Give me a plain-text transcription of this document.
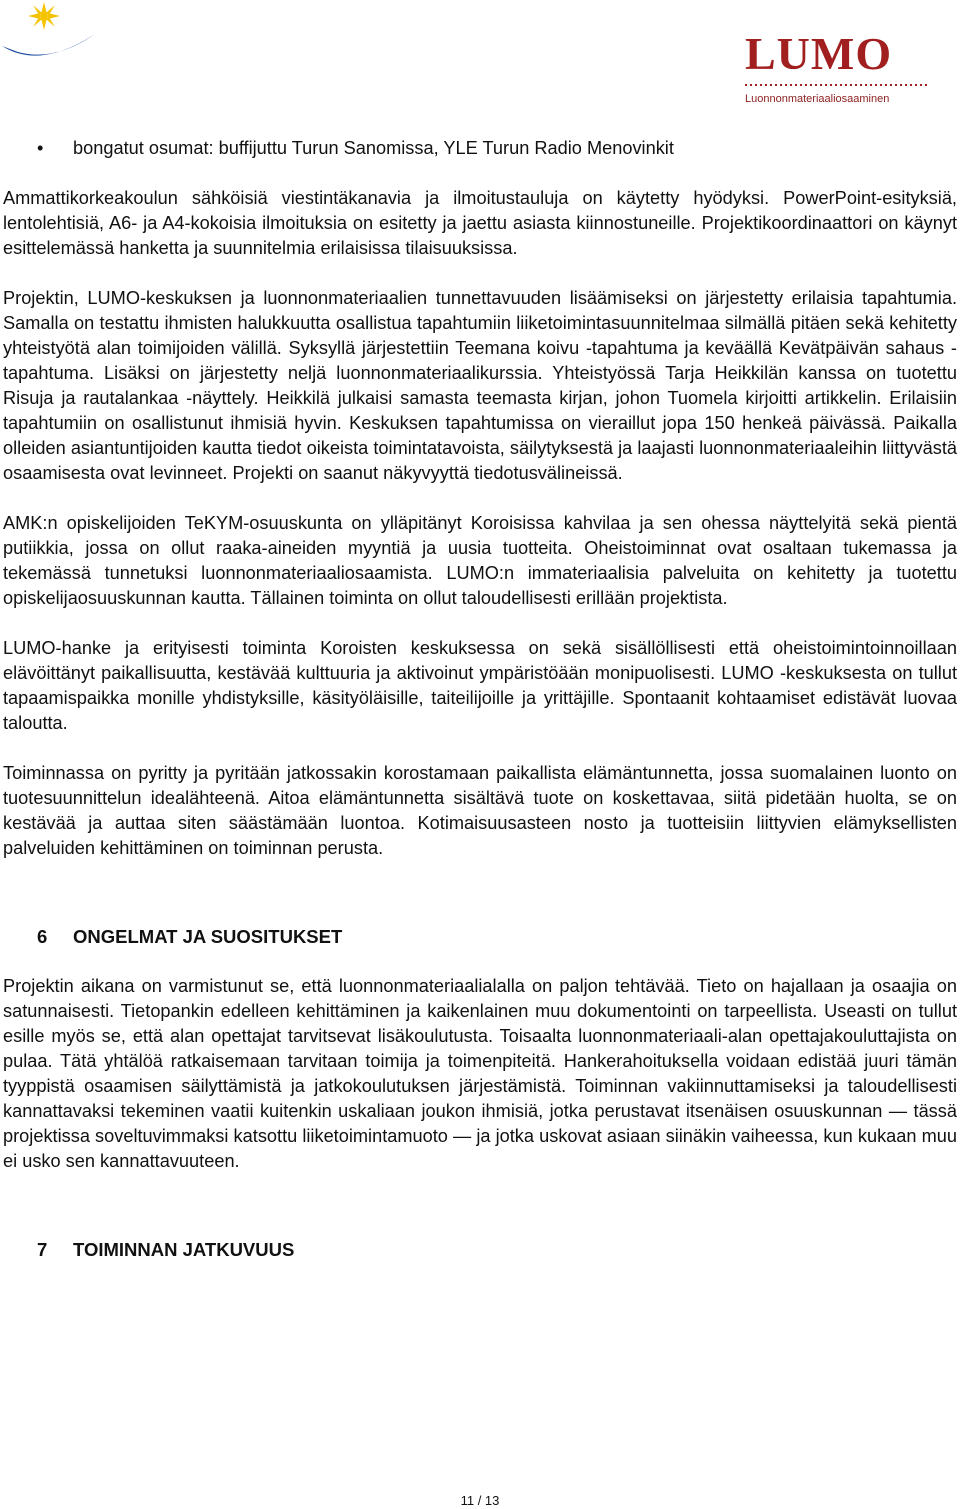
LUMO
Luonnonmateriaaliosaaminen
• bongatut osumat: buffijuttu Turun Sanomissa, YLE Turun Radio Menovinkit

Ammattikorkeakoulun sähköisiä viestintäkanavia ja ilmoitustauluja on käytetty hyödyksi. PowerPoint-esityksiä, lentolehtisiä, A6- ja A4-kokoisia ilmoituksia on esitetty ja jaettu asiasta kiinnostuneille. Projektikoordinaattori on käynyt esittelemässä hanketta ja suunnitelmia erilaisissa tilaisuuksissa.

Projektin, LUMO-keskuksen ja luonnonmateriaalien tunnettavuuden lisäämiseksi on järjestetty erilaisia tapahtumia. Samalla on testattu ihmisten halukkuutta osallistua tapahtumiin liiketoimintasuunnitelmaa silmällä pitäen sekä kehitetty yhteistyötä alan toimijoiden välillä. Syksyllä järjestettiin Teemana koivu -tapahtuma ja keväällä Kevätpäivän sahaus -tapahtuma. Lisäksi on järjestetty neljä luonnonmateriaalikurssia. Yhteistyössä Tarja Heikkilän kanssa on tuotettu Risuja ja rautalankaa -näyttely. Heikkilä julkaisi samasta teemasta kirjan, johon Tuomela kirjoitti artikkelin. Erilaisiin tapahtumiin on osallistunut ihmisiä hyvin. Keskuksen tapahtumissa on vieraillut jopa 150 henkeä päivässä. Paikalla olleiden asiantuntijoiden kautta tiedot oikeista toimintatavoista, säilytyksestä ja laajasti luonnonmateriaaleihin liittyvästä osaamisesta ovat levinneet. Projekti on saanut näkyvyyttä tiedotusvälineissä.

AMK:n opiskelijoiden TeKYM-osuuskunta on ylläpitänyt Koroisissa kahvilaa ja sen ohessa näyttelyitä sekä pientä putiikkia, jossa on ollut raaka-aineiden myyntiä ja uusia tuotteita. Oheistoiminnat ovat osaltaan tukemassa ja tekemässä tunnetuksi luonnonmateriaaliosaamista. LUMO:n immateriaalisia palveluita on kehitetty ja tuotettu opiskelijaosuuskunnan kautta. Tällainen toiminta on ollut taloudellisesti erillään projektista.

LUMO-hanke ja erityisesti toiminta Koroisten keskuksessa on sekä sisällöllisesti että oheistoimintoinnoillaan elävöittänyt paikallisuutta, kestävää kulttuuria ja aktivoinut ympäristöään monipuolisesti. LUMO -keskuksesta on tullut tapaamispaikka monille yhdistyksille, käsityöläisille, taiteilijoille ja yrittäjille. Spontaanit kohtaamiset edistävät luovaa taloutta.

Toiminnassa on pyritty ja pyritään jatkossakin korostamaan paikallista elämäntunnetta, jossa suomalainen luonto on tuotesuunnittelun idealähteenä. Aitoa elämäntunnetta sisältävä tuote on koskettavaa, siitä pidetään huolta, se on kestävää ja auttaa siten säästämään luontoa. Kotimaisuusasteen nosto ja tuotteisiin liittyvien elämyksellisten palveluiden kehittäminen on toiminnan perusta.

6 ONGELMAT JA SUOSITUKSET

Projektin aikana on varmistunut se, että luonnonmateriaalialalla on paljon tehtävää. Tieto on hajallaan ja osaajia on satunnaisesti. Tietopankin edelleen kehittäminen ja kaikenlainen muu dokumentointi on tarpeellista. Useasti on tullut esille myös se, että alan opettajat tarvitsevat lisäkoulutusta. Toisaalta luonnonmateriaali-alan opettajakouluttajista on pulaa. Tätä yhtälöä ratkaisemaan tarvitaan toimija ja toimenpiteitä. Hankerahoituksella voidaan edistää juuri tämän tyyppistä osaamisen säilyttämistä ja jatkokoulutuksen järjestämistä. Toiminnan vakiinnuttamiseksi ja taloudellisesti kannattavaksi tekeminen vaatii kuitenkin uskaliaan joukon ihmisiä, jotka perustavat itsenäisen osuuskunnan — tässä projektissa soveltuvimmaksi katsottu liiketoimintamuoto — ja jotka uskovat asiaan siinäkin vaiheessa, kun kukaan muu ei usko sen kannattavuuteen.

7 TOIMINNAN JATKUVUUS
11 / 13
